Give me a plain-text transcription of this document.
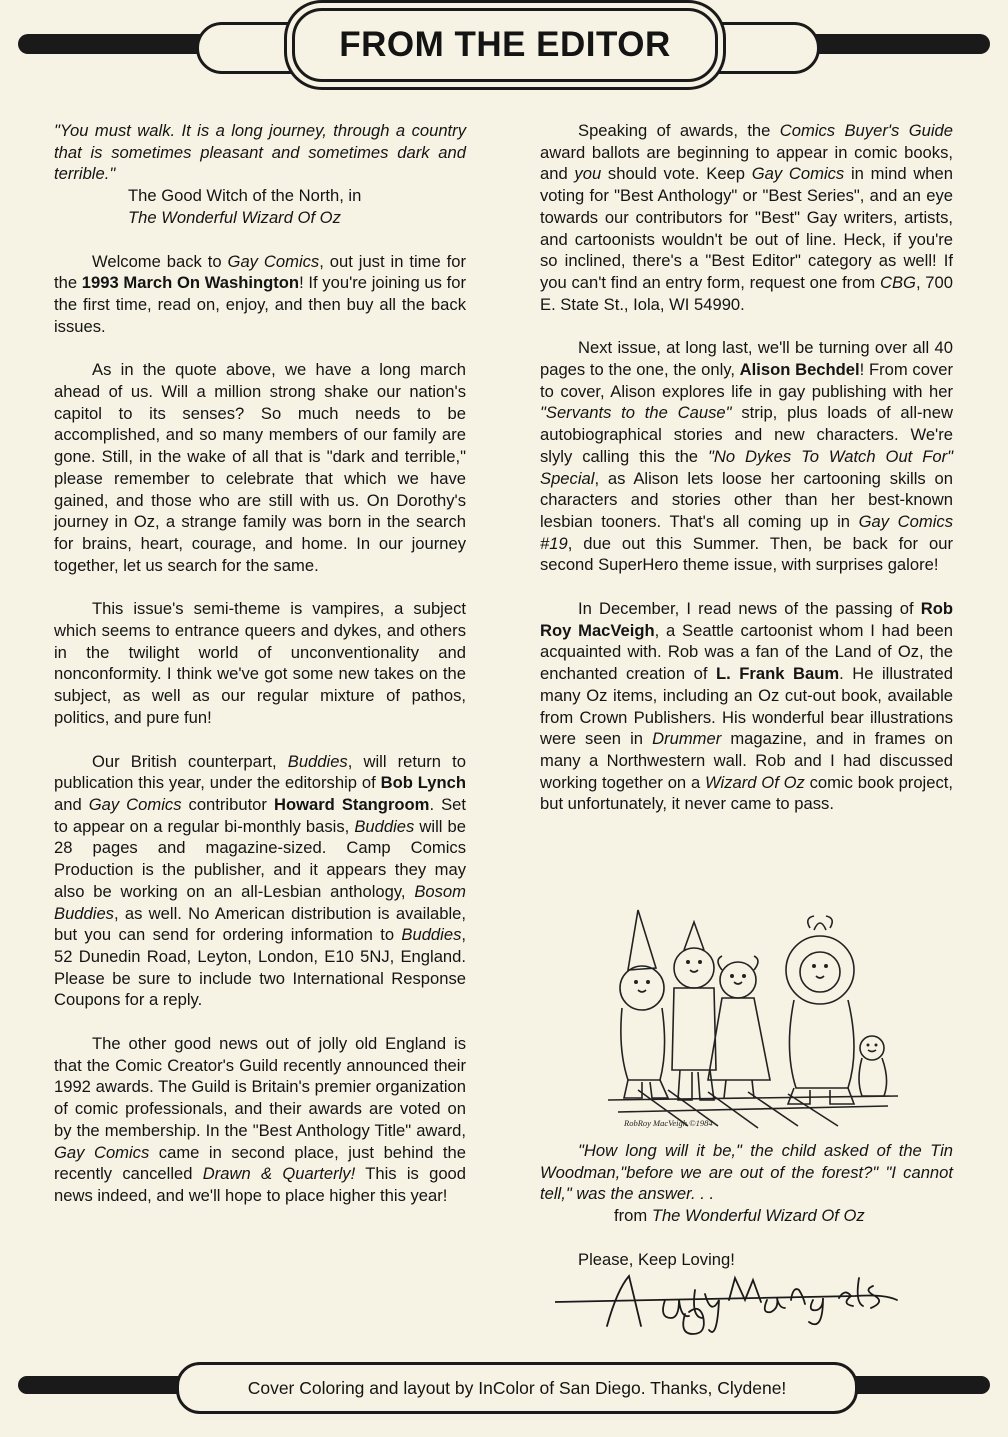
FROM THE EDITOR

"You must walk. It is a long journey, through a country that is sometimes pleasant and sometimes dark and terrible."

The Good Witch of the North, in
The Wonderful Wizard Of Oz

Welcome back to Gay Comics, out just in time for the 1993 March On Washington! If you're joining us for the first time, read on, enjoy, and then buy all the back issues.

As in the quote above, we have a long march ahead of us. Will a million strong shake our nation's capitol to its senses? So much needs to be accomplished, and so many members of our family are gone. Still, in the wake of all that is "dark and terrible," please remember to celebrate that which we have gained, and those who are still with us. On Dorothy's journey in Oz, a strange family was born in the search for brains, heart, courage, and home. In our journey together, let us search for the same.

This issue's semi-theme is vampires, a subject which seems to entrance queers and dykes, and others in the twilight world of unconventionality and nonconformity. I think we've got some new takes on the subject, as well as our regular mixture of pathos, politics, and pure fun!

Our British counterpart, Buddies, will return to publication this year, under the editorship of Bob Lynch and Gay Comics contributor Howard Stangroom. Set to appear on a regular bi-monthly basis, Buddies will be 28 pages and magazine-sized. Camp Comics Production is the publisher, and it appears they may also be working on an all-Lesbian anthology, Bosom Buddies, as well. No American distribution is available, but you can send for ordering information to Buddies, 52 Dunedin Road, Leyton, London, E10 5NJ, England. Please be sure to include two International Response Coupons for a reply.

The other good news out of jolly old England is that the Comic Creator's Guild recently announced their 1992 awards. The Guild is Britain's premier organization of comic professionals, and their awards are voted on by the membership. In the "Best Anthology Title" award, Gay Comics came in second place, just behind the recently cancelled Drawn & Quarterly! This is good news indeed, and we'll hope to place higher this year!

Speaking of awards, the Comics Buyer's Guide award ballots are beginning to appear in comic books, and you should vote. Keep Gay Comics in mind when voting for "Best Anthology" or "Best Series", and an eye towards our contributors for "Best" Gay writers, artists, and cartoonists wouldn't be out of line. Heck, if you're so inclined, there's a "Best Editor" category as well! If you can't find an entry form, request one from CBG, 700 E. State St., Iola, WI 54990.

Next issue, at long last, we'll be turning over all 40 pages to the one, the only, Alison Bechdel! From cover to cover, Alison explores life in gay publishing with her "Servants to the Cause" strip, plus loads of all-new autobiographical stories and new characters. We're slyly calling this the "No Dykes To Watch Out For" Special, as Alison lets loose her cartooning skills on characters and stories other than her best-known lesbian tooners. That's all coming up in Gay Comics #19, due out this Summer. Then, be back for our second SuperHero theme issue, with surprises galore!

In December, I read news of the passing of Rob Roy MacVeigh, a Seattle cartoonist whom I had been acquainted with. Rob was a fan of the Land of Oz, the enchanted creation of L. Frank Baum. He illustrated many Oz items, including an Oz cut-out book, available from Crown Publishers. His wonderful bear illustrations were seen in Drummer magazine, and in frames on many a Northwestern wall. Rob and I had discussed working together on a Wizard Of Oz comic book project, but unfortunately, it never came to pass.

RobRoy MacVeigh ©1984
"How long will it be," the child asked of the Tin Woodman,"before we are out of the forest?" "I cannot tell," was the answer. . .
from The Wonderful Wizard Of Oz
Please, Keep Loving!
Cover Coloring and layout by InColor of San Diego. Thanks, Clydene!
